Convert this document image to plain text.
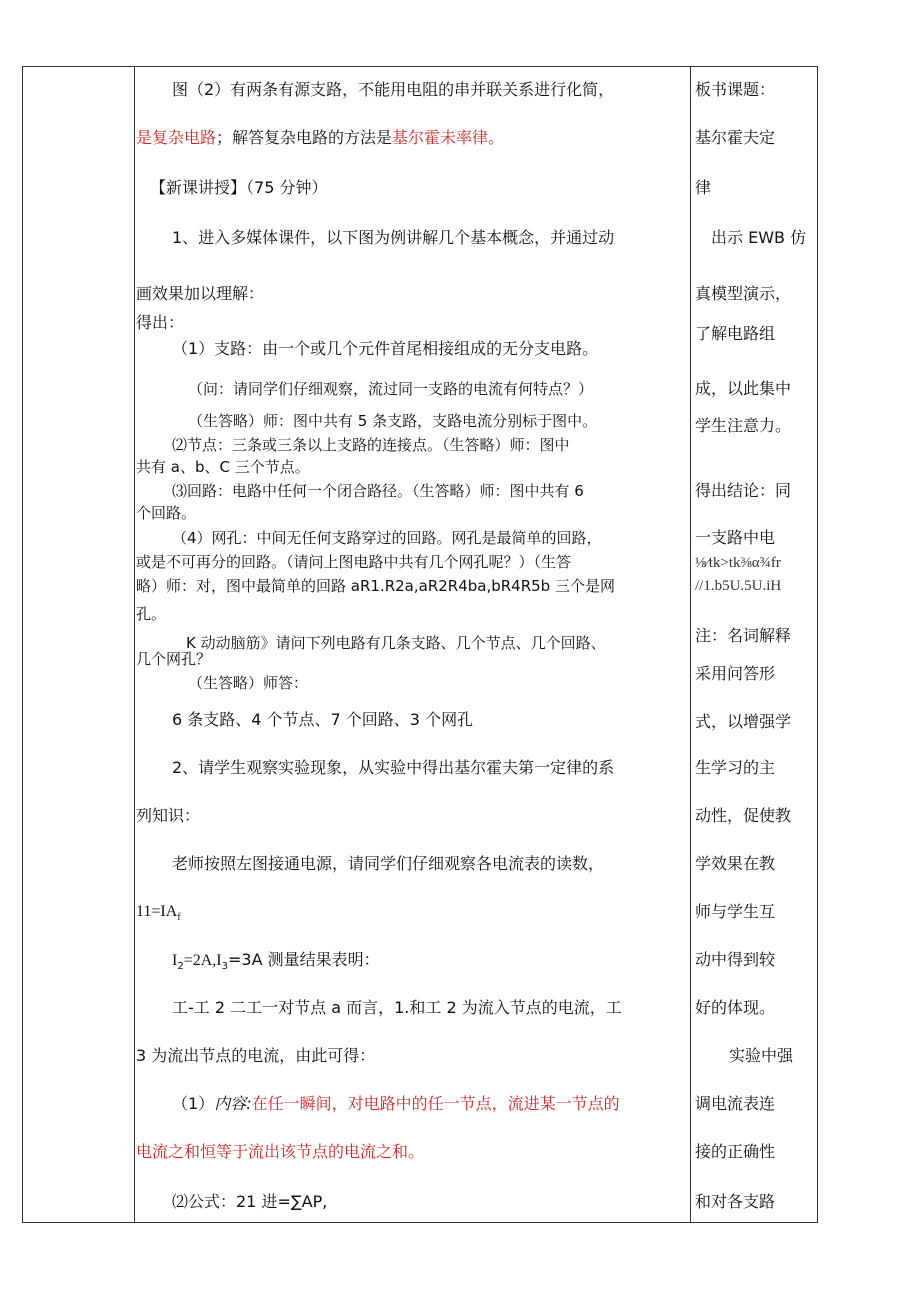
图（2）有两条有源支路，不能用电阻的串并联关系进行化简，
是复杂电路；解答复杂电路的方法是基尔霍未率律。
【新课讲授】（75 分钟）
1、进入多媒体课件，以下图为例讲解几个基本概念，并通过动
画效果加以理解：
得出：
（1）支路：由一个或几个元件首尾相接组成的无分支电路。
（问：请同学们仔细观察，流过同一支路的电流有何特点？）
（生答略）师：图中共有 5 条支路，支路电流分别标于图中。
⑵节点：三条或三条以上支路的连接点。（生答略）师：图中
共有 a、b、C 三个节点。
⑶回路：电路中任何一个闭合路径。（生答略）师：图中共有 6
个回路。
（4）网孔：中间无任何支路穿过的回路。网孔是最简单的回路，
或是不可再分的回路。（请问上图电路中共有几个网孔呢？）（生答
略）师：对，图中最简单的回路 aR1.R2a,aR2R4ba,bR4R5b 三个是网
孔。
K 动动脑筋》请问下列电路有几条支路、几个节点、几个回路、
几个网孔？
（生答略）师答：
6 条支路、4 个节点、7 个回路、3 个网孔
2、请学生观察实验现象，从实验中得出基尔霍夫第一定律的系
列知识：
老师按照左图接通电源，请同学们仔细观察各电流表的读数，
$11=IA_f$
$I_2=2A,I_3=3A$ 测量结果表明：
工-工 2 二工一对节点 a 而言，1.和工 2 为流入节点的电流，工
3 为流出节点的电流，由此可得：
（1）内容:在任一瞬间，对电路中的任一节点，流进某一节点的
电流之和恒等于流出该节点的电流之和。
⑵公式：21 进=∑AP,
板书课题：
基尔霍夫定
律
出示 EWB 仿
真模型演示，
了解电路组
成，以此集中
学生注意力。
得出结论：同
一支路中电
⅛⁄tk>tk⅜α¾fr
//1.b5U.5U.iH
注：名词解释
采用问答形
式，以增强学
生学习的主
动性，促使教
学效果在教
师与学生互
动中得到较
好的体现。
实验中强
调电流表连
接的正确性
和对各支路
